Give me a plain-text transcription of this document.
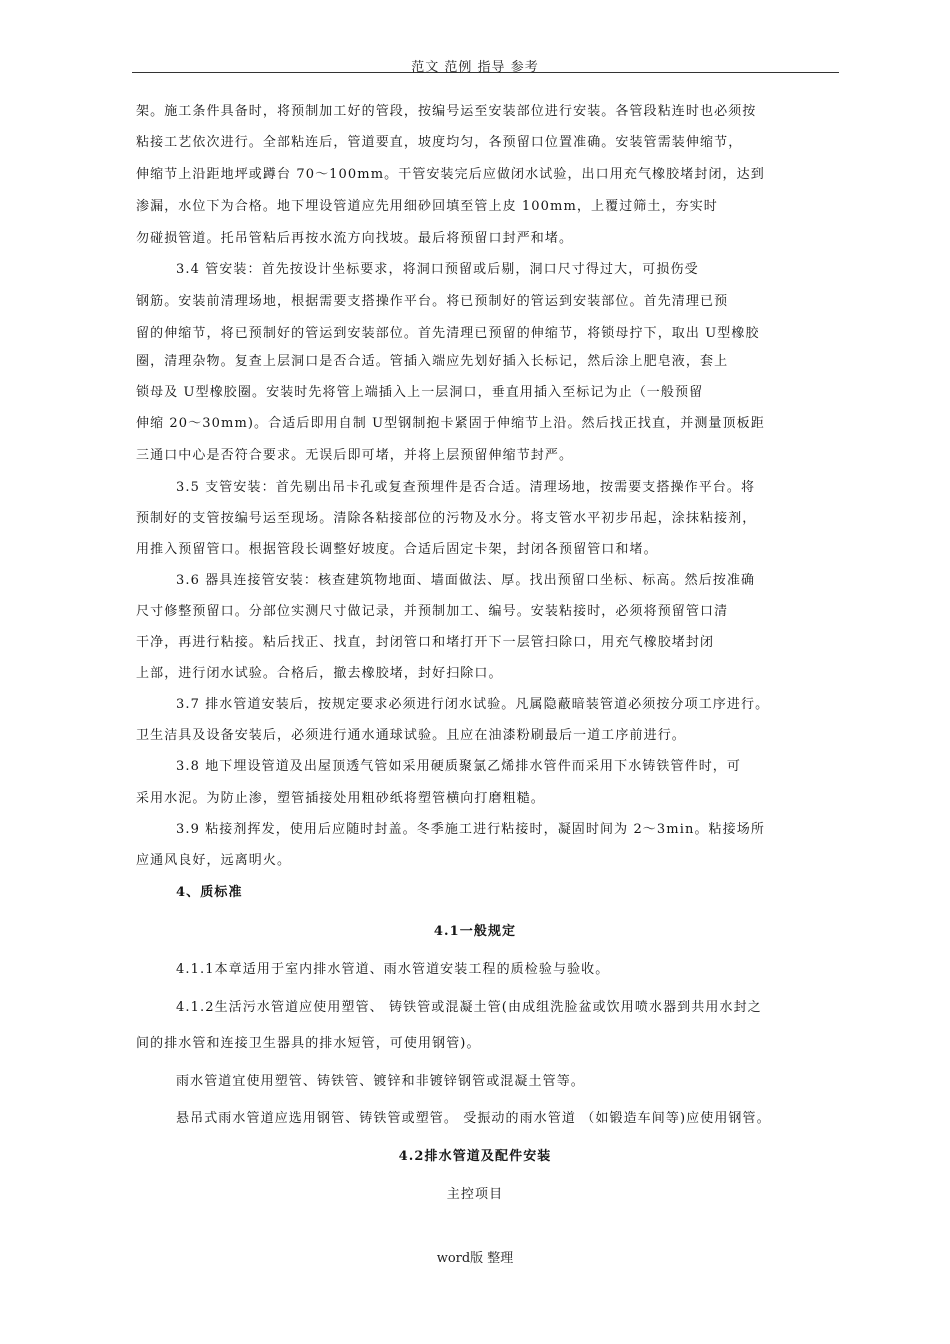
范文 范例 指导 参考
架。施工条件具备时，将预制加工好的管段，按编号运至安装部位进行安装。各管段粘连时也必须按
粘接工艺依次进行。全部粘连后，管道要直，坡度均匀，各预留口位置准确。安装管需装伸缩节，
伸缩节上沿距地坪或蹲台 70～100mm。干管安装完后应做闭水试验，出口用充气橡胶堵封闭，达到
渗漏，水位下为合格。地下埋设管道应先用细砂回填至管上皮 100mm，上覆过筛土，夯实时
勿碰损管道。托吊管粘后再按水流方向找坡。最后将预留口封严和堵。
3.4 管安装：首先按设计坐标要求，将洞口预留或后剔，洞口尺寸得过大，可损伤受
钢筋。安装前清理场地，根据需要支搭操作平台。将已预制好的管运到安装部位。首先清理已预
留的伸缩节，将已预制好的管运到安装部位。首先清理已预留的伸缩节，将锁母拧下，取出 U型橡胶
圈，清理杂物。复查上层洞口是否合适。管插入端应先划好插入长标记，然后涂上肥皂液，套上
锁母及 U型橡胶圈。安装时先将管上端插入上一层洞口，垂直用插入至标记为止（一般预留
伸缩 20～30mm)。合适后即用自制 U型钢制抱卡紧固于伸缩节上沿。然后找正找直，并测量顶板距
三通口中心是否符合要求。无误后即可堵，并将上层预留伸缩节封严。
3.5 支管安装：首先剔出吊卡孔或复查预埋件是否合适。清理场地，按需要支搭操作平台。将
预制好的支管按编号运至现场。清除各粘接部位的污物及水分。将支管水平初步吊起，涂抹粘接剂，
用推入预留管口。根据管段长调整好坡度。合适后固定卡架，封闭各预留管口和堵。
3.6 器具连接管安装：核查建筑物地面、墙面做法、厚。找出预留口坐标、标高。然后按准确
尺寸修整预留口。分部位实测尺寸做记录，并预制加工、编号。安装粘接时，必须将预留管口清
干净，再进行粘接。粘后找正、找直，封闭管口和堵打开下一层管扫除口，用充气橡胶堵封闭
上部，进行闭水试验。合格后，撤去橡胶堵，封好扫除口。
3.7 排水管道安装后，按规定要求必须进行闭水试验。凡属隐蔽暗装管道必须按分项工序进行。
卫生洁具及设备安装后，必须进行通水通球试验。且应在油漆粉刷最后一道工序前进行。
3.8 地下埋设管道及出屋顶透气管如采用硬质聚氯乙烯排水管件而采用下水铸铁管件时，可
采用水泥。为防止渗，塑管插接处用粗砂纸将塑管横向打磨粗糙。
3.9 粘接剂挥发，使用后应随时封盖。冬季施工进行粘接时，凝固时间为 2～3min。粘接场所
应通风良好，远离明火。
4、质标准
4.1一般规定
4.1.1本章适用于室内排水管道、雨水管道安装工程的质检验与验收。
4.1.2生活污水管道应使用塑管、 铸铁管或混凝土管(由成组洗脸盆或饮用喷水器到共用水封之
间的排水管和连接卫生器具的排水短管，可使用钢管)。
雨水管道宜使用塑管、铸铁管、镀锌和非镀锌钢管或混凝土管等。
悬吊式雨水管道应选用钢管、铸铁管或塑管。 受振动的雨水管道 （如锻造车间等)应使用钢管。
4.2排水管道及配件安装
主控项目
word版 整理
